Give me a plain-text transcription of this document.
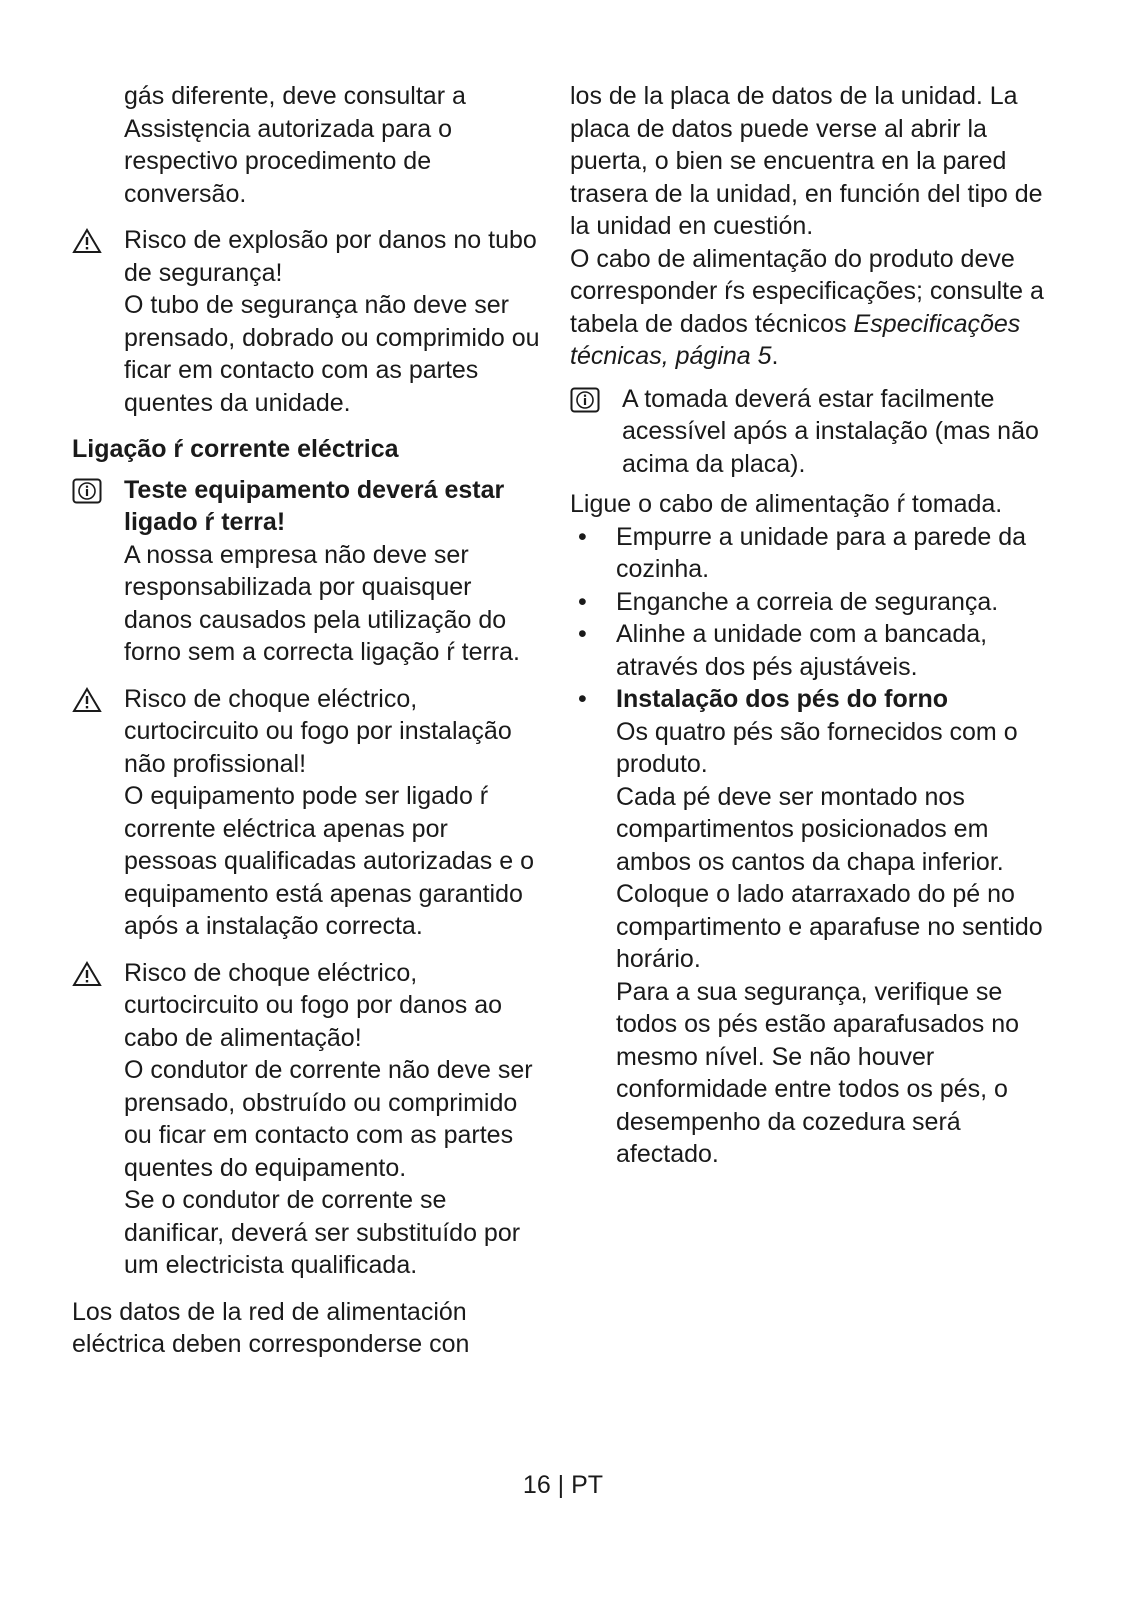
gás diferente, deve consultar a Assistęncia autorizada para o respectivo procedimento de conversão.

Risco de explosão por danos no tubo de segurança!

O tubo de segurança não deve ser prensado, dobrado ou comprimido ou ficar em contacto com as partes quentes da unidade.

Ligação ŕ corrente eléctrica

Teste equipamento deverá estar ligado ŕ terra!

A nossa empresa não deve ser responsabilizada por quaisquer danos causados pela utilização do forno sem a correcta ligação ŕ terra.

Risco de choque eléctrico, curtocircuito ou fogo por instalação não profissional!

O equipamento pode ser ligado ŕ corrente eléctrica apenas por pessoas qualificadas autorizadas e o equipamento está apenas garantido após a instalação correcta.

Risco de choque eléctrico, curtocircuito ou fogo por danos ao cabo de alimentação!

O condutor de corrente não deve ser prensado, obstruído ou comprimido ou ficar em contacto com as partes quentes do equipamento.

Se o condutor de corrente se danificar, deverá ser substituído por um electricista qualificada.

Los datos de la red de alimentación eléctrica deben corresponderse con

los de la placa de datos de la unidad. La placa de datos puede verse al abrir la puerta, o bien se encuentra en la pared trasera de la unidad, en función del tipo de la unidad en cuestión.

O cabo de alimentação do produto deve corresponder ŕs especificações; consulte a tabela de dados técnicos Especificações técnicas, página 5.

A tomada deverá estar facilmente acessível após a instalação (mas não acima da placa).

Ligue o cabo de alimentação ŕ tomada.

•	Empurre a unidade para a parede da cozinha.
•	Enganche a correia de segurança.
•	Alinhe a unidade com a bancada, através dos pés ajustáveis.
•	Instalação dos pés do forno
Os quatro pés são fornecidos com o produto.
Cada pé deve ser montado nos compartimentos posicionados em ambos os cantos da chapa inferior.
Coloque o lado atarraxado do pé no compartimento e aparafuse no sentido horário.
Para a sua segurança, verifique se todos os pés estão aparafusados no mesmo nível. Se não houver conformidade entre todos os pés, o desempenho da cozedura será afectado.
16 | PT
